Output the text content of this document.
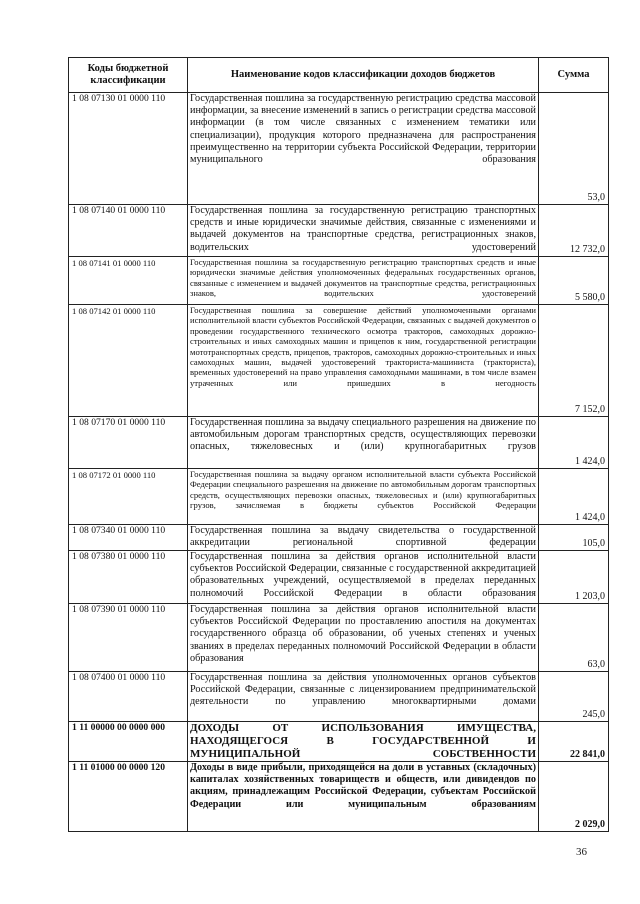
Коды бюджетной классификации	Наименование кодов классификации доходов бюджетов	Сумма
1 08 07130 01 0000 110	Государственная пошлина за государственную регистрацию средства массовой информации, за внесение изменений в запись о регистрации средства массовой информации (в том числе связанных с изменением тематики или специализации), продукция которого предназначена для распространения преимущественно на территории субъекта Российской Федерации, территории муниципального образования	53,0
1 08 07140 01 0000 110	Государственная пошлина за государственную регистрацию транспортных средств и иные юридически значимые действия, связанные с изменениями и выдачей документов на транспортные средства, регистрационных знаков, водительских удостоверений	12 732,0
1 08 07141 01 0000 110	Государственная пошлина за государственную регистрацию транспортных средств и иные юридически значимые действия уполномоченных федеральных государственных органов, связанные с изменением и выдачей документов на транспортные средства, регистрационных знаков, водительских удостоверений	5 580,0
1 08 07142 01 0000 110	Государственная пошлина за совершение действий уполномоченными органами исполнительной власти субъектов Российской Федерации, связанных с выдачей документов о проведении государственного технического осмотра тракторов, самоходных дорожно-строительных и иных самоходных машин и прицепов к ним, государственной регистрации мототранспортных средств, прицепов, тракторов, самоходных дорожно-строительных и иных самоходных машин, выдачей удостоверений тракториста-машиниста (тракториста), временных удостоверений на право управления самоходными машинами, в том числе взамен утраченных или пришедших в негодность	7 152,0
1 08 07170 01 0000 110	Государственная пошлина за выдачу специального разрешения на движение по автомобильным дорогам транспортных средств, осуществляющих перевозки опасных, тяжеловесных и (или) крупногабаритных грузов	1 424,0
1 08 07172 01 0000 110	Государственная пошлина за выдачу органом исполнительной власти субъекта Российской Федерации специального разрешения на движение по автомобильным дорогам транспортных средств, осуществляющих перевозки опасных, тяжеловесных и (или) крупногабаритных грузов, зачисляемая в бюджеты субъектов Российской Федерации	1 424,0
1 08 07340 01 0000 110	Государственная пошлина за выдачу свидетельства о государственной аккредитации региональной спортивной федерации	105,0
1 08 07380 01 0000 110	Государственная пошлина за действия органов исполнительной власти субъектов Российской Федерации, связанные с государственной аккредитацией образовательных учреждений, осуществляемой в пределах переданных полномочий Российской Федерации в области образования	1 203,0
1 08 07390 01 0000 110	Государственная пошлина за действия органов исполнительной власти субъектов Российской Федерации по проставлению апостиля на документах государственного образца об образовании, об ученых степенях и ученых званиях в пределах переданных полномочий Российской Федерации в области образования	63,0
1 08 07400 01 0000 110	Государственная пошлина за действия уполномоченных органов субъектов Российской Федерации, связанные с лицензированием предпринимательской деятельности по управлению многоквартирными домами	245,0
1 11 00000 00 0000 000	ДОХОДЫ ОТ ИСПОЛЬЗОВАНИЯ ИМУЩЕСТВА, НАХОДЯЩЕГОСЯ В ГОСУДАРСТВЕННОЙ И МУНИЦИПАЛЬНОЙ СОБСТВЕННОСТИ	22 841,0
1 11 01000 00 0000 120	Доходы в виде прибыли, приходящейся на доли в уставных (складочных) капиталах хозяйственных товариществ и обществ, или дивидендов по акциям, принадлежащим Российской Федерации, субъектам Российской Федерации или муниципальным образованиям	2 029,0
36
